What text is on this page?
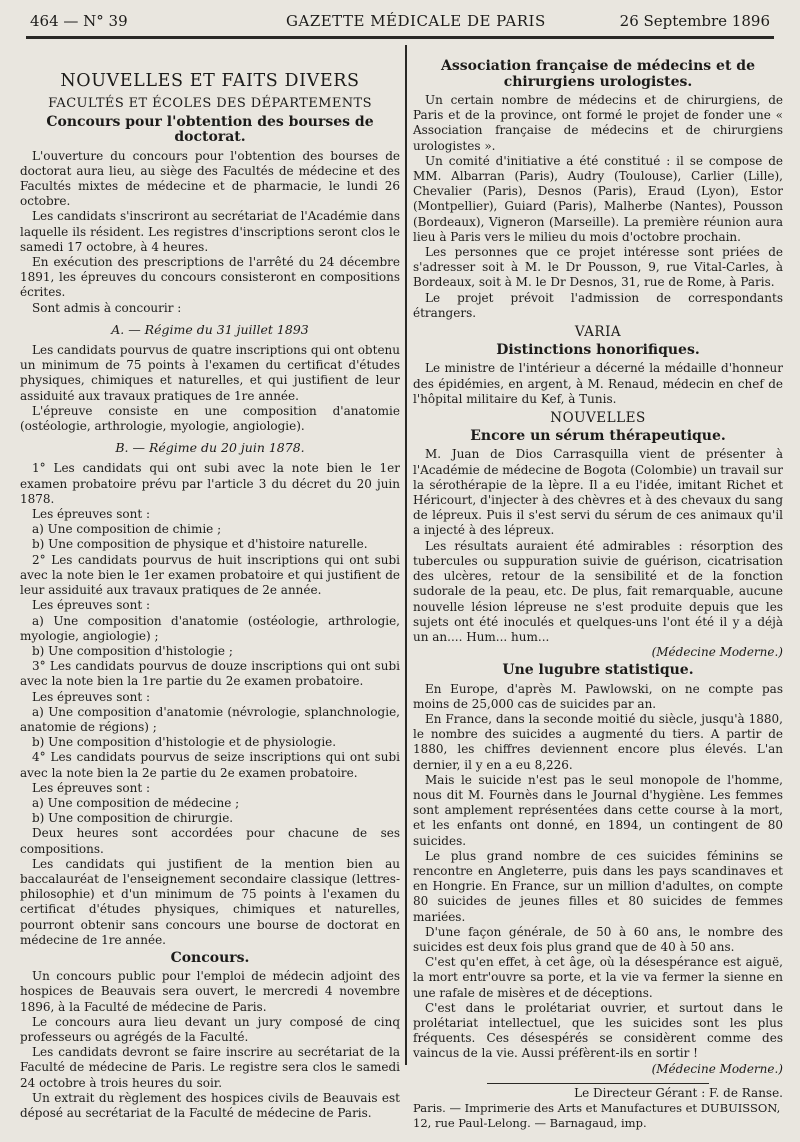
464 — N° 39	GAZETTE MÉDICALE DE PARIS	26 Septembre 1896
NOUVELLES ET FAITS DIVERS
FACULTÉS ET ÉCOLES DES DÉPARTEMENTS
Concours pour l'obtention des bourses de doctorat.

L'ouverture du concours pour l'obtention des bourses de doctorat aura lieu, au siège des Facultés de médecine et des Facultés mixtes de médecine et de pharmacie, le lundi 26 octobre.

Les candidats s'inscriront au secrétariat de l'Académie dans laquelle ils résident. Les registres d'inscriptions seront clos le samedi 17 octobre, à 4 heures.

En exécution des prescriptions de l'arrêté du 24 décembre 1891, les épreuves du concours consisteront en compositions écrites.

Sont admis à concourir :

A. — Régime du 31 juillet 1893

Les candidats pourvus de quatre inscriptions qui ont obtenu un minimum de 75 points à l'examen du certificat d'études physiques, chimiques et naturelles, et qui justifient de leur assiduité aux travaux pratiques de 1re année.

L'épreuve consiste en une composition d'anatomie (ostéologie, arthrologie, myologie, angiologie).

B. — Régime du 20 juin 1878.

1° Les candidats qui ont subi avec la note bien le 1er examen probatoire prévu par l'article 3 du décret du 20 juin 1878.

Les épreuves sont :

a) Une composition de chimie ;

b) Une composition de physique et d'histoire naturelle.

2° Les candidats pourvus de huit inscriptions qui ont subi avec la note bien le 1er examen probatoire et qui justifient de leur assiduité aux travaux pratiques de 2e année.

Les épreuves sont :

a) Une composition d'anatomie (ostéologie, arthrologie, myologie, angiologie) ;

b) Une composition d'histologie ;

3° Les candidats pourvus de douze inscriptions qui ont subi avec la note bien la 1re partie du 2e examen probatoire.

Les épreuves sont :

a) Une composition d'anatomie (névrologie, splanchnologie, anatomie de régions) ;

b) Une composition d'histologie et de physiologie.

4° Les candidats pourvus de seize inscriptions qui ont subi avec la note bien la 2e partie du 2e examen probatoire.

Les épreuves sont :

a) Une composition de médecine ;

b) Une composition de chirurgie.

Deux heures sont accordées pour chacune de ses compositions.

Les candidats qui justifient de la mention bien au baccalauréat de l'enseignement secondaire classique (lettres-philosophie) et d'un minimum de 75 points à l'examen du certificat d'études physiques, chimiques et naturelles, pourront obtenir sans concours une bourse de doctorat en médecine de 1re année.

Concours.

Un concours public pour l'emploi de médecin adjoint des hospices de Beauvais sera ouvert, le mercredi 4 novembre 1896, à la Faculté de médecine de Paris.

Le concours aura lieu devant un jury composé de cinq professeurs ou agrégés de la Faculté.

Les candidats devront se faire inscrire au secrétariat de la Faculté de médecine de Paris. Le registre sera clos le samedi 24 octobre à trois heures du soir.

Un extrait du règlement des hospices civils de Beauvais est déposé au secrétariat de la Faculté de médecine de Paris.

Association française de médecins et de chirurgiens urologistes.

Un certain nombre de médecins et de chirurgiens, de Paris et de la province, ont formé le projet de fonder une « Association française de médecins et de chirurgiens urologistes ».

Un comité d'initiative a été constitué : il se compose de MM. Albarran (Paris), Audry (Toulouse), Carlier (Lille), Chevalier (Paris), Desnos (Paris), Eraud (Lyon), Estor (Montpellier), Guiard (Paris), Malherbe (Nantes), Pousson (Bordeaux), Vigneron (Marseille). La première réunion aura lieu à Paris vers le milieu du mois d'octobre prochain.

Les personnes que ce projet intéresse sont priées de s'adresser soit à M. le Dr Pousson, 9, rue Vital-Carles, à Bordeaux, soit à M. le Dr Desnos, 31, rue de Rome, à Paris.

Le projet prévoit l'admission de correspondants étrangers.

VARIA
Distinctions honorifiques.

Le ministre de l'intérieur a décerné la médaille d'honneur des épidémies, en argent, à M. Renaud, médecin en chef de l'hôpital militaire du Kef, à Tunis.

NOUVELLES
Encore un sérum thérapeutique.

M. Juan de Dios Carrasquilla vient de présenter à l'Académie de médecine de Bogota (Colombie) un travail sur la sérothérapie de la lèpre. Il a eu l'idée, imitant Richet et Héricourt, d'injecter à des chèvres et à des chevaux du sang de lépreux. Puis il s'est servi du sérum de ces animaux qu'il a injecté à des lépreux.

Les résultats auraient été admirables : résorption des tubercules ou suppuration suivie de guérison, cicatrisation des ulcères, retour de la sensibilité et de la fonction sudorale de la peau, etc. De plus, fait remarquable, aucune nouvelle lésion lépreuse ne s'est produite depuis que les sujets ont été inoculés et quelques-uns l'ont été il y a déjà un an.... Hum... hum...

(Médecine Moderne.)

Une lugubre statistique.

En Europe, d'après M. Pawlowski, on ne compte pas moins de 25,000 cas de suicides par an.

En France, dans la seconde moitié du siècle, jusqu'à 1880, le nombre des suicides a augmenté du tiers. A partir de 1880, les chiffres deviennent encore plus élevés. L'an dernier, il y en a eu 8,226.

Mais le suicide n'est pas le seul monopole de l'homme, nous dit M. Fournès dans le Journal d'hygiène. Les femmes sont amplement représentées dans cette course à la mort, et les enfants ont donné, en 1894, un contingent de 80 suicides.

Le plus grand nombre de ces suicides féminins se rencontre en Angleterre, puis dans les pays scandinaves et en Hongrie. En France, sur un million d'adultes, on compte 80 suicides de jeunes filles et 80 suicides de femmes mariées.

D'une façon générale, de 50 à 60 ans, le nombre des suicides est deux fois plus grand que de 40 à 50 ans.

C'est qu'en effet, à cet âge, où la désespérance est aiguë, la mort entr'ouvre sa porte, et la vie va fermer la sienne en une rafale de misères et de déceptions.

C'est dans le prolétariat ouvrier, et surtout dans le prolétariat intellectuel, que les suicides sont les plus fréquents. Ces désespérés se considèrent comme des vaincus de la vie. Aussi préfèrent-ils en sortir !

(Médecine Moderne.)

Le Directeur Gérant : F. de Ranse.

Paris. — Imprimerie des Arts et Manufactures et DUBUISSON, 12, rue Paul-Lelong. — Barnagaud, imp.
